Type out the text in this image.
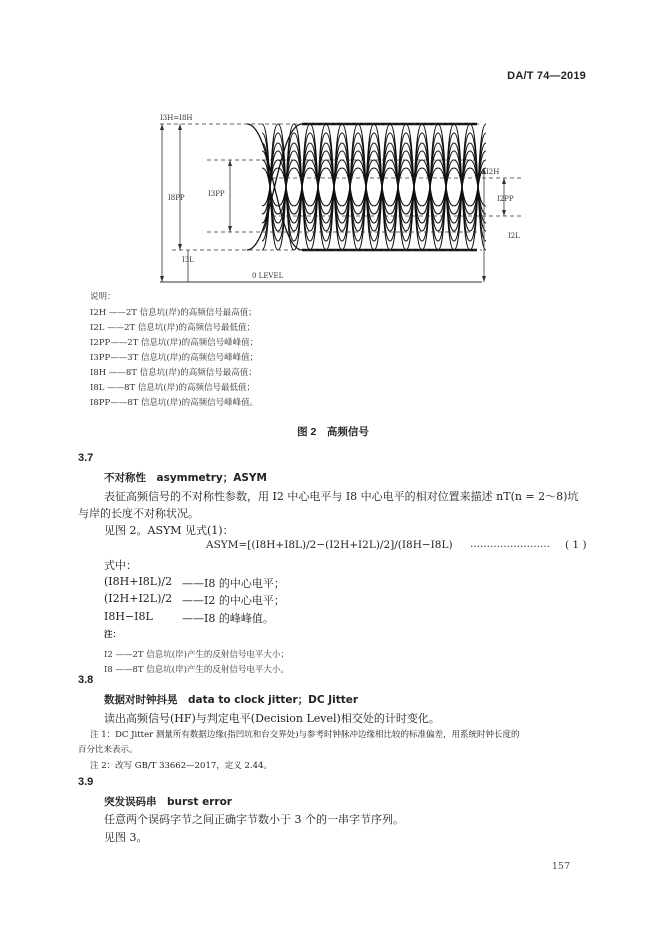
DA/T 74—2019
I3H=I8H
I8PP	I3PP
I3L
I2H
I2PP
I2L
0 LEVEL
说明：
I2H ——2T 信息坑(岸)的高频信号最高值；
I2L ——2T 信息坑(岸)的高频信号最低值；
I2PP——2T 信息坑(岸)的高频信号峰峰值；
I3PP——3T 信息坑(岸)的高频信号峰峰值；
I8H ——8T 信息坑(岸)的高频信号最高值；
I8L ——8T 信息坑(岸)的高频信号最低值；
I8PP——8T 信息坑(岸)的高频信号峰峰值。
图 2　高频信号
3.7
不对称性　asymmetry；ASYM
表征高频信号的不对称性参数，用 I2 中心电平与 I8 中心电平的相对位置来描述 nT(n = 2～8)坑
与岸的长度不对称状况。
见图 2。ASYM 见式(1)：
ASYM=[(I8H+I8L)/2−(I2H+I2L)/2]/(I8H−I8L) …………………… ( 1 )
式中：
(I8H+I8L)/2 ——I8 的中心电平；
(I2H+I2L)/2 ——I2 的中心电平；
I8H−I8L	——I8 的峰峰值。
注：
I2 ——2T 信息坑(岸)产生的反射信号电平大小；
I8 ——8T 信息坑(岸)产生的反射信号电平大小。
3.8
数据对时钟抖晃　data to clock jitter；DC Jitter
读出高频信号(HF)与判定电平(Decision Level)相交处的计时变化。
注 1：DC Jitter 测量所有数据边缘(指凹坑和台交界处)与参考时钟脉冲边缘相比较的标准偏差，用系统时钟长度的
百分比来表示。
注 2：改写 GB/T 33662—2017，定义 2.44。
3.9
突发误码串　burst error
任意两个误码字节之间正确字节数小于 3 个的一串字节序列。
见图 3。
157
